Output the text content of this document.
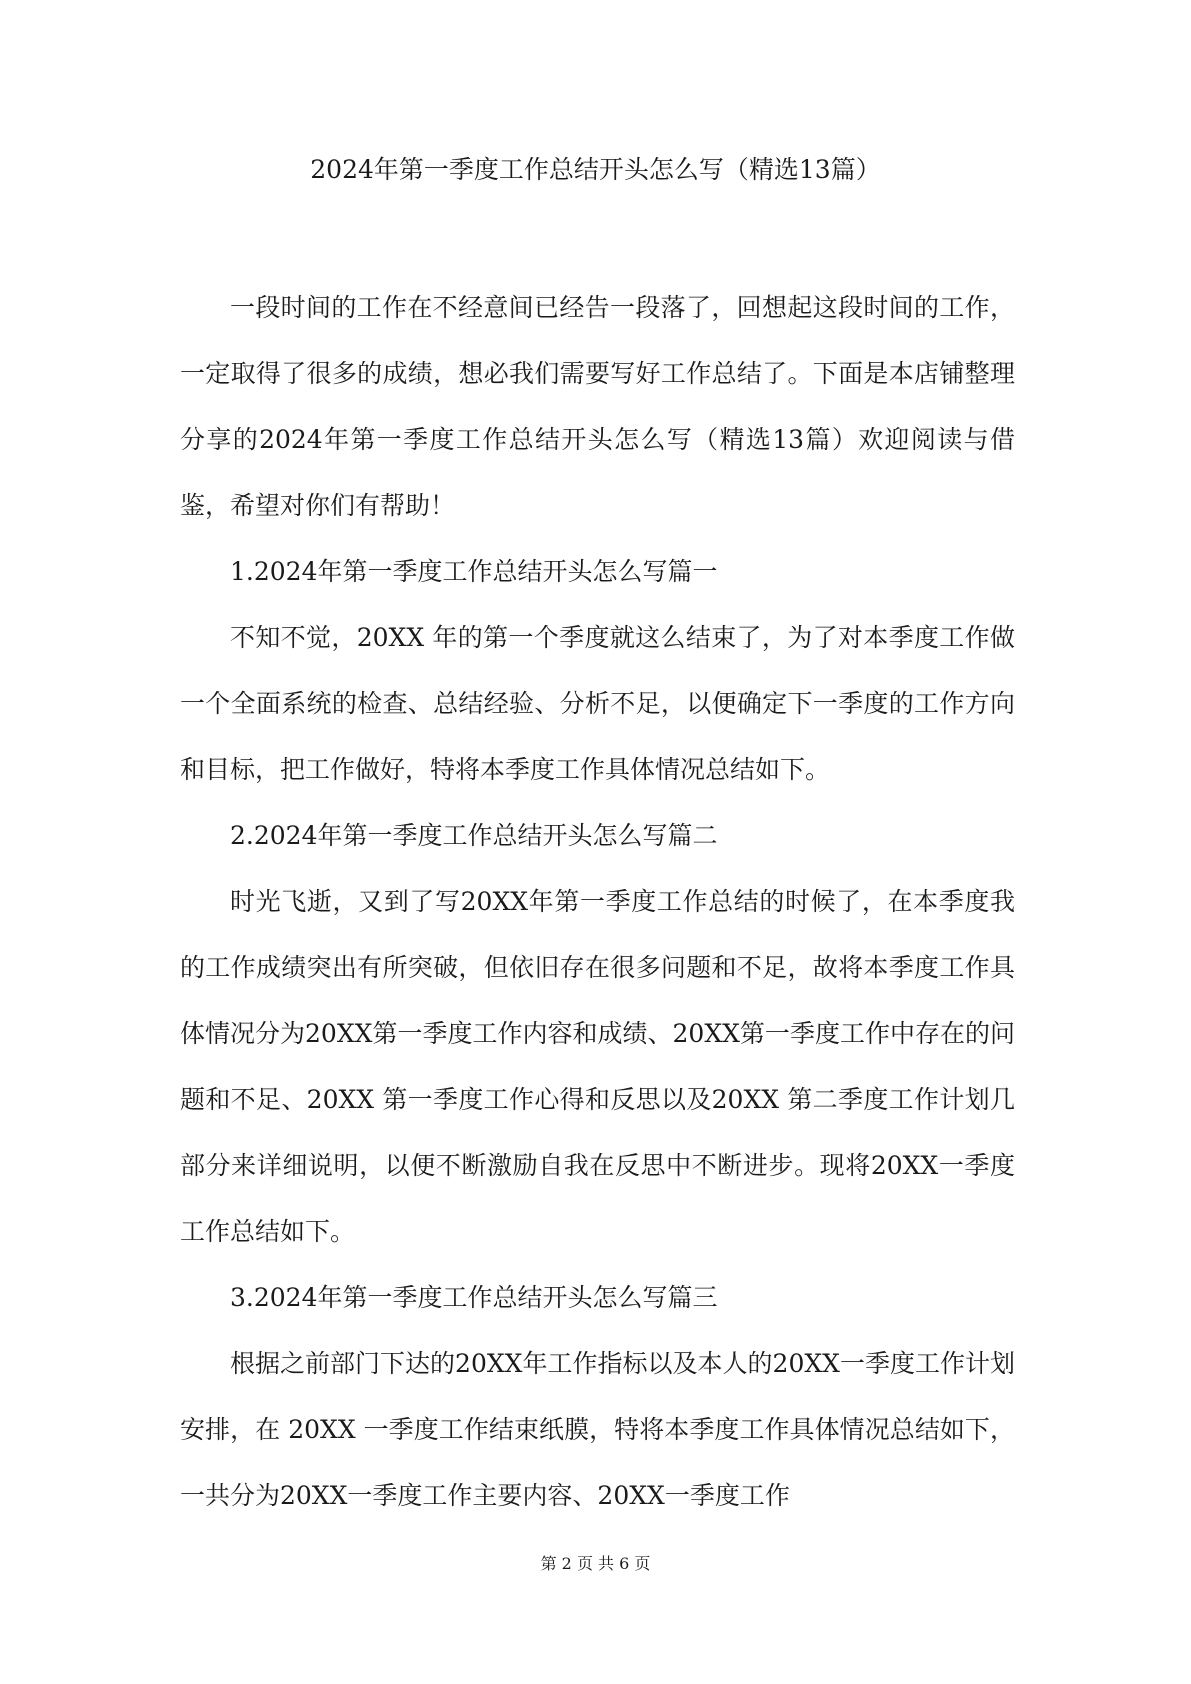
2024年第一季度工作总结开头怎么写（精选13篇）

一段时间的工作在不经意间已经告一段落了，回想起这段时间的工作，一定取得了很多的成绩，想必我们需要写好工作总结了。下面是本店铺整理分享的2024年第一季度工作总结开头怎么写（精选13篇）欢迎阅读与借鉴，希望对你们有帮助！

1.2024年第一季度工作总结开头怎么写篇一

不知不觉，20XX 年的第一个季度就这么结束了，为了对本季度工作做一个全面系统的检查、总结经验、分析不足，以便确定下一季度的工作方向和目标，把工作做好，特将本季度工作具体情况总结如下。

2.2024年第一季度工作总结开头怎么写篇二

时光飞逝，又到了写20XX年第一季度工作总结的时候了，在本季度我的工作成绩突出有所突破，但依旧存在很多问题和不足，故将本季度工作具体情况分为20XX第一季度工作内容和成绩、20XX第一季度工作中存在的问题和不足、20XX 第一季度工作心得和反思以及20XX 第二季度工作计划几部分来详细说明，以便不断激励自我在反思中不断进步。现将20XX一季度工作总结如下。

3.2024年第一季度工作总结开头怎么写篇三

根据之前部门下达的20XX年工作指标以及本人的20XX一季度工作计划安排，在 20XX 一季度工作结束纸膜，特将本季度工作具体情况总结如下，一共分为20XX一季度工作主要内容、20XX一季度工作

第 2 页 共 6 页
